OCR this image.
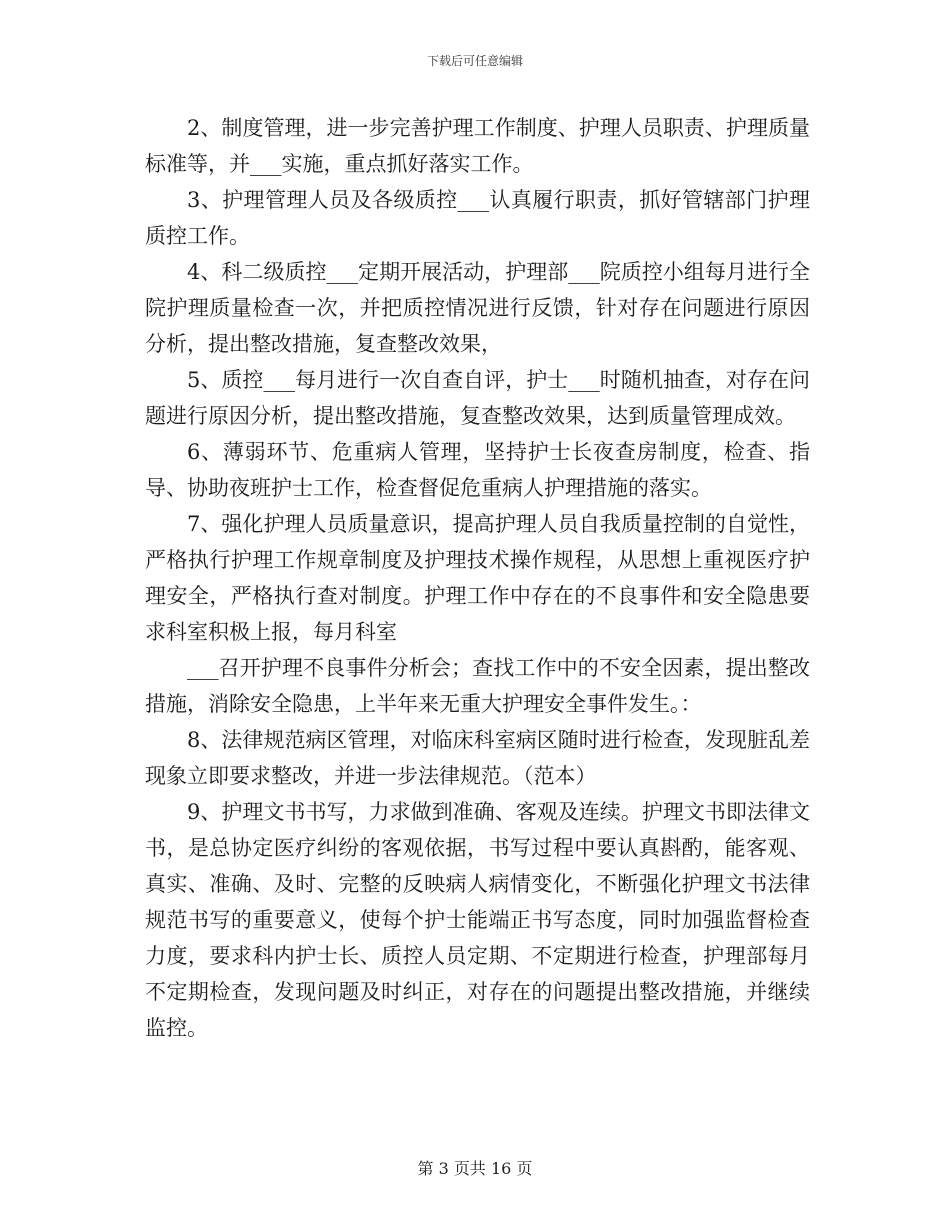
下载后可任意编辑

2、制度管理，进一步完善护理工作制度、护理人员职责、护理质量标准等，并___实施，重点抓好落实工作。

3、护理管理人员及各级质控___认真履行职责，抓好管辖部门护理质控工作。

4、科二级质控___定期开展活动，护理部___院质控小组每月进行全院护理质量检查一次，并把质控情况进行反馈，针对存在问题进行原因分析，提出整改措施，复查整改效果，

5、质控___每月进行一次自查自评，护士___时随机抽查，对存在问题进行原因分析，提出整改措施，复查整改效果，达到质量管理成效。

6、薄弱环节、危重病人管理，坚持护士长夜查房制度，检查、指导、协助夜班护士工作，检查督促危重病人护理措施的落实。

7、强化护理人员质量意识，提高护理人员自我质量控制的自觉性，严格执行护理工作规章制度及护理技术操作规程，从思想上重视医疗护理安全，严格执行查对制度。护理工作中存在的不良事件和安全隐患要求科室积极上报，每月科室

___召开护理不良事件分析会；查找工作中的不安全因素，提出整改措施，消除安全隐患，上半年来无重大护理安全事件发生。：

8、法律规范病区管理，对临床科室病区随时进行检查，发现脏乱差现象立即要求整改，并进一步法律规范。（范本）

9、护理文书书写，力求做到准确、客观及连续。护理文书即法律文书，是总协定医疗纠纷的客观依据，书写过程中要认真斟酌，能客观、真实、准确、及时、完整的反映病人病情变化，不断强化护理文书法律规范书写的重要意义，使每个护士能端正书写态度，同时加强监督检查力度，要求科内护士长、质控人员定期、不定期进行检查，护理部每月不定期检查，发现问题及时纠正，对存在的问题提出整改措施，并继续监控。

第 3 页共 16 页
